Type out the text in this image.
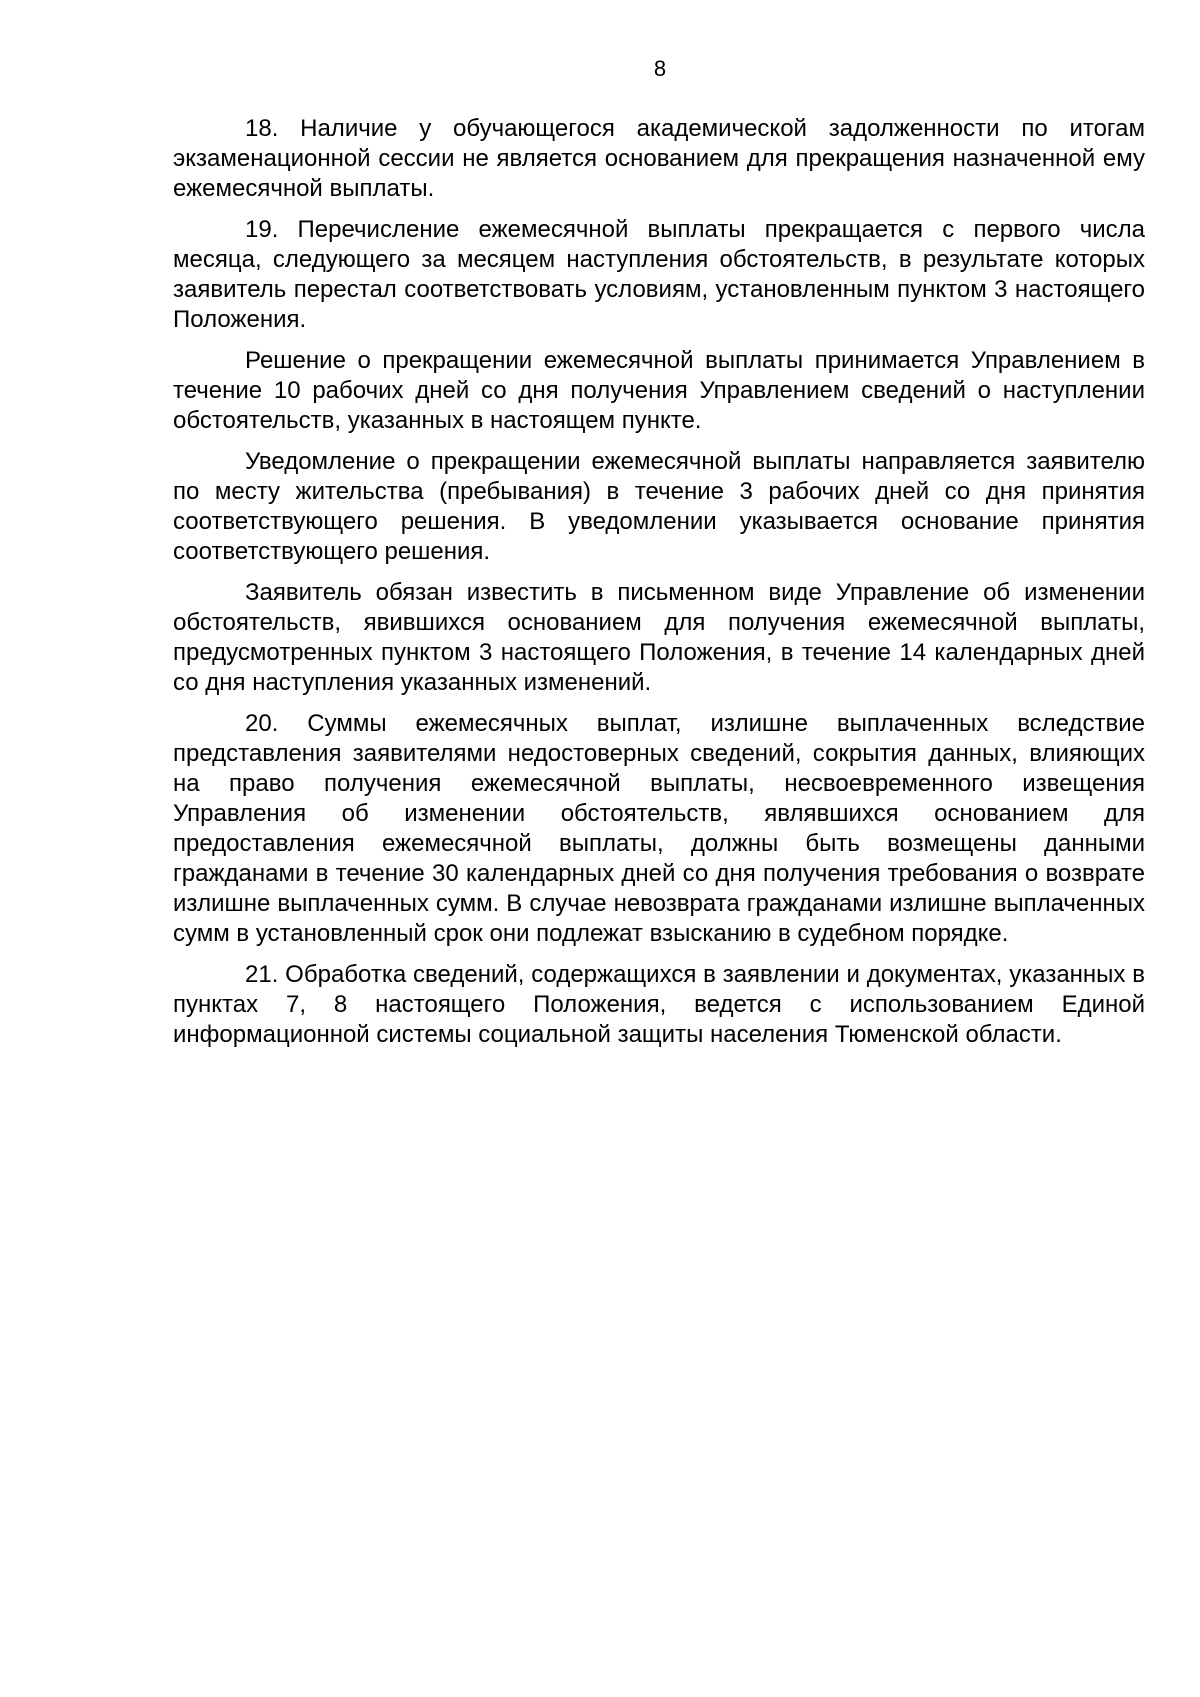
8

18. Наличие у обучающегося академической задолженности по итогам экзаменационной сессии не является основанием для прекращения назначенной ему ежемесячной выплаты.

19. Перечисление ежемесячной выплаты прекращается с первого числа месяца, следующего за месяцем наступления обстоятельств, в результате которых заявитель перестал соответствовать условиям, установленным пунктом 3 настоящего Положения.

Решение о прекращении ежемесячной выплаты принимается Управлением в течение 10 рабочих дней со дня получения Управлением сведений о наступлении обстоятельств, указанных в настоящем пункте.

Уведомление о прекращении ежемесячной выплаты направляется заявителю по месту жительства (пребывания) в течение 3 рабочих дней со дня принятия соответствующего решения. В уведомлении указывается основание принятия соответствующего решения.

Заявитель обязан известить в письменном виде Управление об изменении обстоятельств, явившихся основанием для получения ежемесячной выплаты, предусмотренных пунктом 3 настоящего Положения, в течение 14 календарных дней со дня наступления указанных изменений.

20. Суммы ежемесячных выплат, излишне выплаченных вследствие представления заявителями недостоверных сведений, сокрытия данных, влияющих на право получения ежемесячной выплаты, несвоевременного извещения Управления об изменении обстоятельств, являвшихся основанием для предоставления ежемесячной выплаты, должны быть возмещены данными гражданами в течение 30 календарных дней со дня получения требования о возврате излишне выплаченных сумм. В случае невозврата гражданами излишне выплаченных сумм в установленный срок они подлежат взысканию в судебном порядке.

21. Обработка сведений, содержащихся в заявлении и документах, указанных в пунктах 7, 8 настоящего Положения, ведется с использованием Единой информационной системы социальной защиты населения Тюменской области.
